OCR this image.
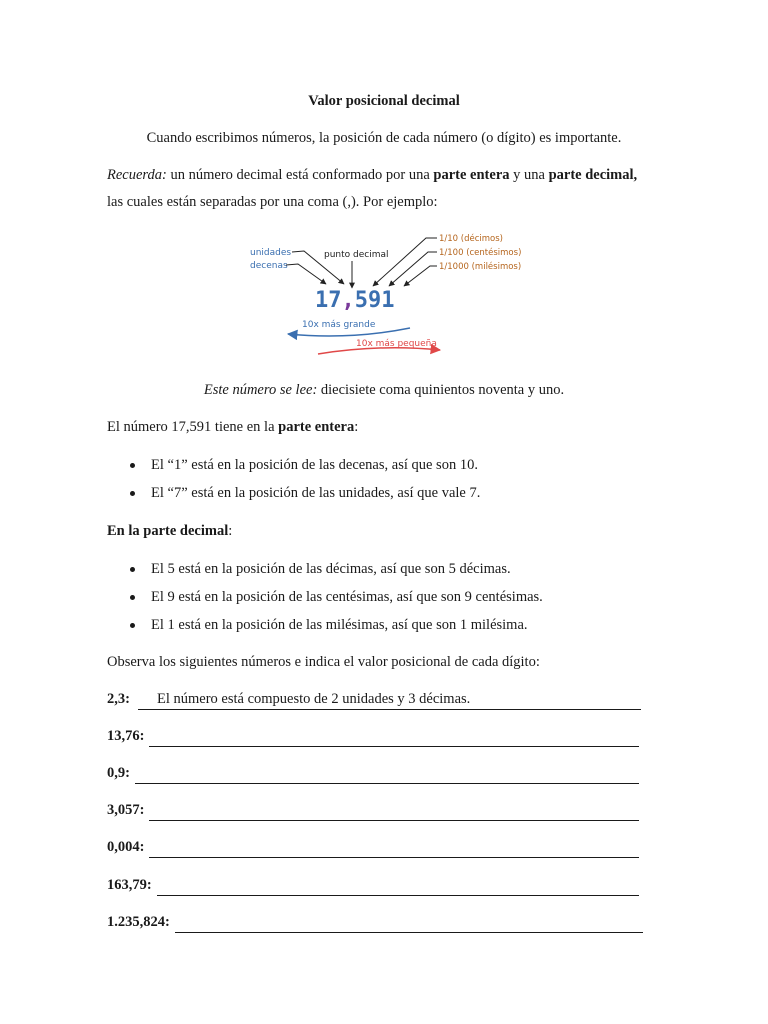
Valor posicional decimal
Cuando escribimos números, la posición de cada número (o dígito) es importante.
Recuerda: un número decimal está conformado por una parte entera y una parte decimal,
las cuales están separadas por una coma (,). Por ejemplo:
unidades
decenas
punto decimal
1/10 (décimos)
1/100 (centésimos)
1/1000 (milésimos)
17,591
10x más grande
10x más pequeña
Este número se lee: diecisiete coma quinientos noventa y uno.
El número 17,591 tiene en la parte entera:
El “1” está en la posición de las decenas, así que son 10.
El “7” está en la posición de las unidades, así que vale 7.
En la parte decimal:
El 5 está en la posición de las décimas, así que son 5 décimas.
El 9 está en la posición de las centésimas, así que son 9 centésimas.
El 1 está en la posición de las milésimas, así que son 1 milésima.
Observa los siguientes números e indica el valor posicional de cada dígito:
2,3: El número está compuesto de 2 unidades y 3 décimas.
13,76:
0,9:
3,057:
0,004:
163,79:
1.235,824:
